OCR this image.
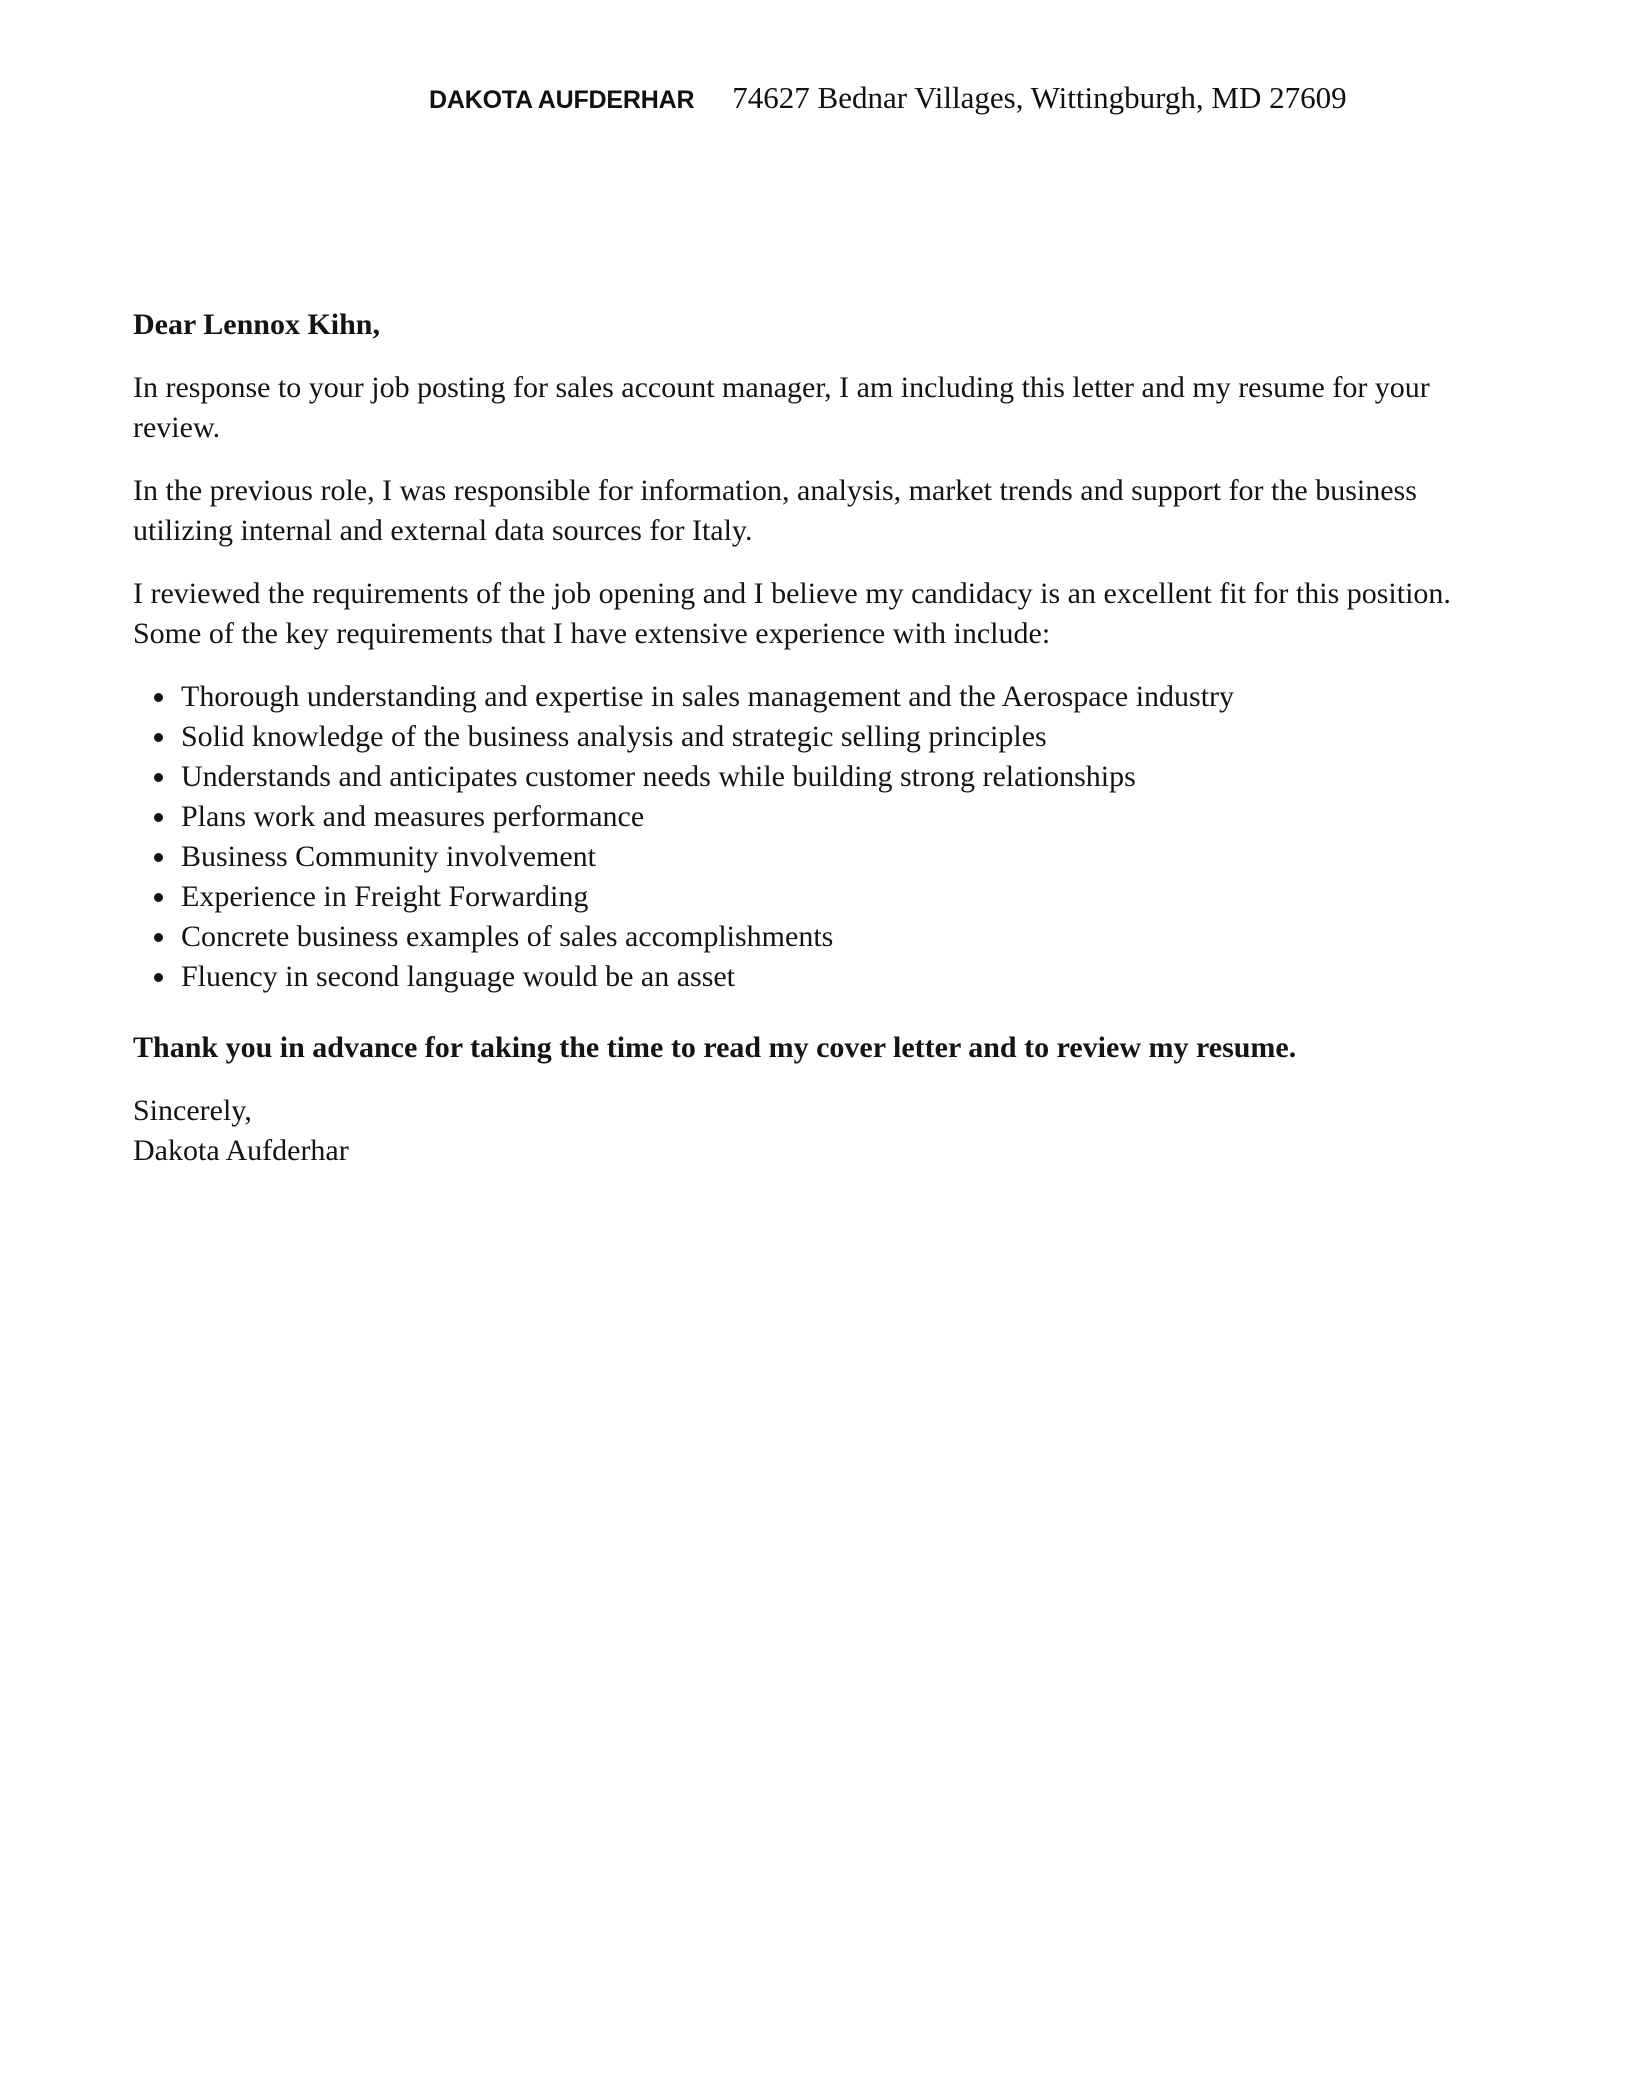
DAKOTA AUFDERHAR 74627 Bednar Villages, Wittingburgh, MD 27609

Dear Lennox Kihn,

In response to your job posting for sales account manager, I am including this letter and my resume for your review.

In the previous role, I was responsible for information, analysis, market trends and support for the business utilizing internal and external data sources for Italy.

I reviewed the requirements of the job opening and I believe my candidacy is an excellent fit for this position. Some of the key requirements that I have extensive experience with include:

Thorough understanding and expertise in sales management and the Aerospace industry
Solid knowledge of the business analysis and strategic selling principles
Understands and anticipates customer needs while building strong relationships
Plans work and measures performance
Business Community involvement
Experience in Freight Forwarding
Concrete business examples of sales accomplishments
Fluency in second language would be an asset

Thank you in advance for taking the time to read my cover letter and to review my resume.

Sincerely,

Dakota Aufderhar
